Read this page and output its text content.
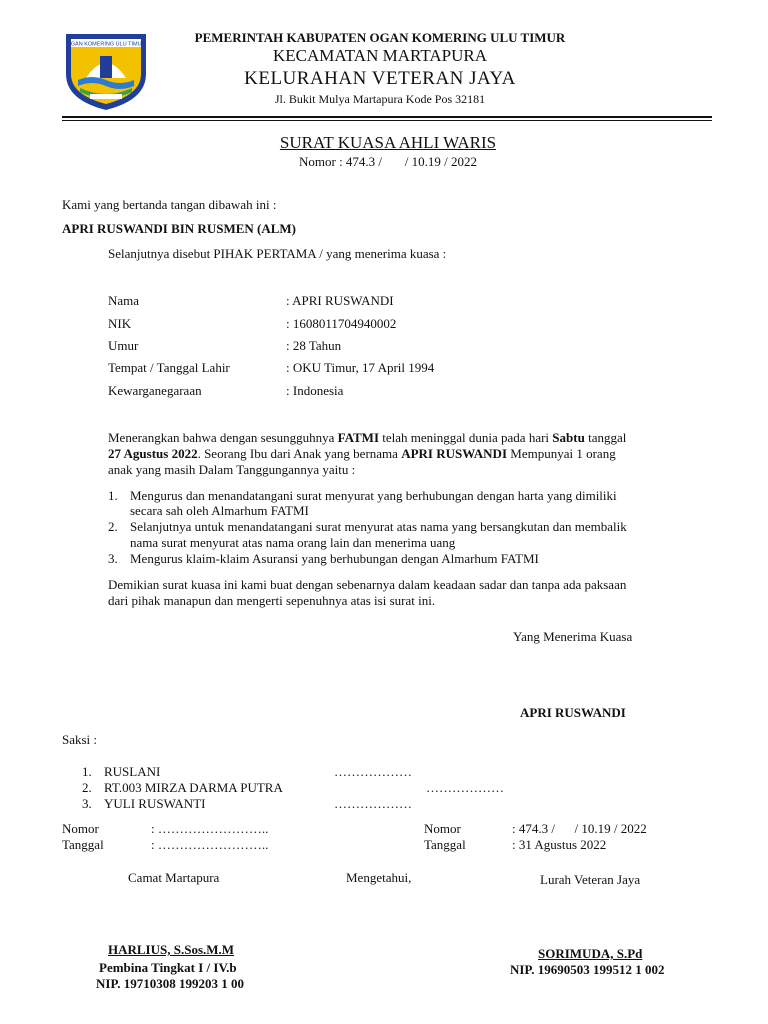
OGAN KOMERING ULU TIMUR	PEMERINTAH KABUPATEN OGAN KOMERING ULU TIMUR
KECAMATAN MARTAPURA
KELURAHAN VETERAN JAYA
Jl. Bukit Mulya Martapura Kode Pos 32181
SURAT KUASA AHLI WARIS
Nomor : 474.3 /       / 10.19 / 2022
Kami yang bertanda tangan dibawah ini :
APRI RUSWANDI BIN RUSMEN (ALM)
Selanjutnya disebut PIHAK PERTAMA / yang menerima kuasa :
Nama	: APRI RUSWANDI
NIK	: 1608011704940002
Umur	: 28 Tahun
Tempat / Tanggal Lahir	: OKU Timur, 17 April 1994
Kewarganegaraan	: Indonesia
Menerangkan bahwa dengan sesungguhnya FATMI telah meninggal dunia pada hari Sabtu tanggal
27 Agustus 2022. Seorang Ibu dari Anak yang bernama APRI RUSWANDI Mempunyai 1 orang
anak yang masih Dalam Tanggungannya yaitu :
1. Mengurus dan menandatangani surat menyurat yang berhubungan dengan harta yang dimiliki
secara sah oleh Almarhum FATMI
2. Selanjutnya untuk menandatangani surat menyurat atas nama yang bersangkutan dan membalik
nama surat menyurat atas nama orang lain dan menerima uang
3. Mengurus klaim-klaim Asuransi yang berhubungan dengan Almarhum FATMI
Demikian surat kuasa ini kami buat dengan sebenarnya dalam keadaan sadar dan tanpa ada paksaan
dari pihak manapun dan mengerti sepenuhnya atas isi surat ini.
Yang Menerima Kuasa
APRI RUSWANDI
Saksi :
1. RUSLANI	………………
2. RT.003 MIRZA DARMA PUTRA	………………
3. YULI RUSWANTI	………………
Nomor	: ……………………..
Tanggal	: ……………………..
Nomor	: 474.3 /      / 10.19 / 2022
Tanggal	: 31 Agustus 2022
Camat Martapura	Mengetahui,	Lurah Veteran Jaya
HARLIUS, S.Sos.M.M
Pembina Tingkat I / IV.b
NIP. 19710308 199203 1 00
SORIMUDA, S.Pd
NIP. 19690503 199512 1 002
